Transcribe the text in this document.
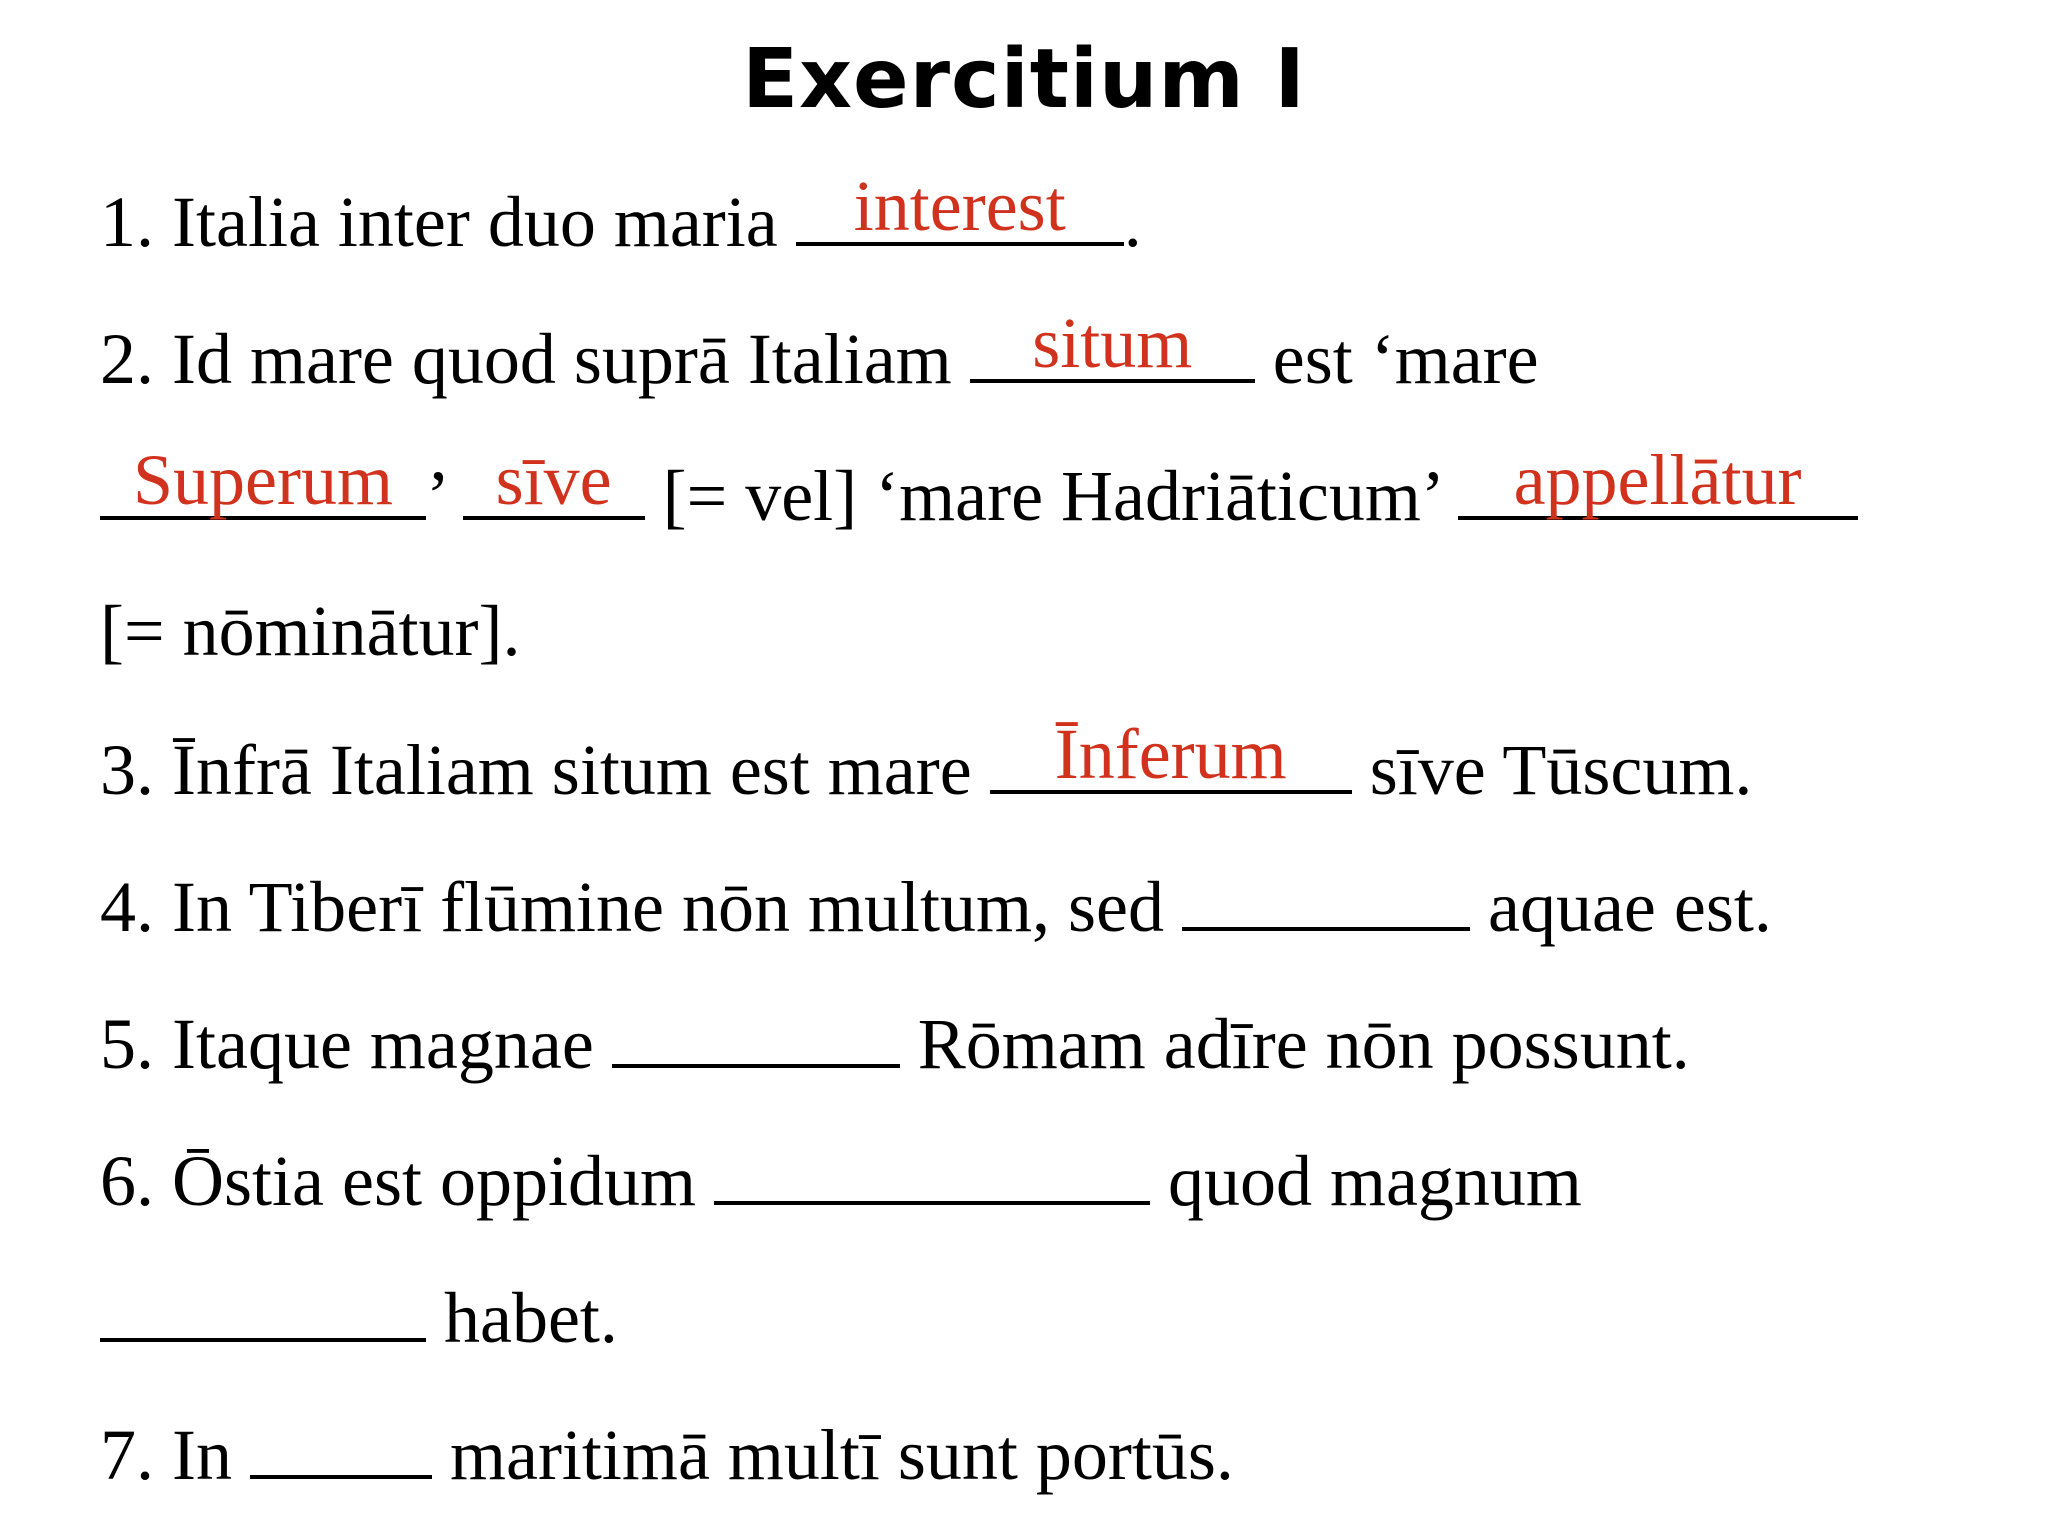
Exercitium I
1. Italia inter duo maria interest .
2. Id mare quod suprā Italiam situm est ‘mare
Superum ’ sīve [= vel] ‘mare Hadriāticum’ appellātur
[= nōminātur].
3. Īnfrā Italiam situm est mare Īnferum sīve Tūscum.
4. In Tiberī flūmine nōn multum, sed	aquae est.
5. Itaque magnae	Rōmam adīre nōn possunt.
6. Ōstia est oppidum	quod magnum
habet.
7. In	maritimā multī sunt portūs.
